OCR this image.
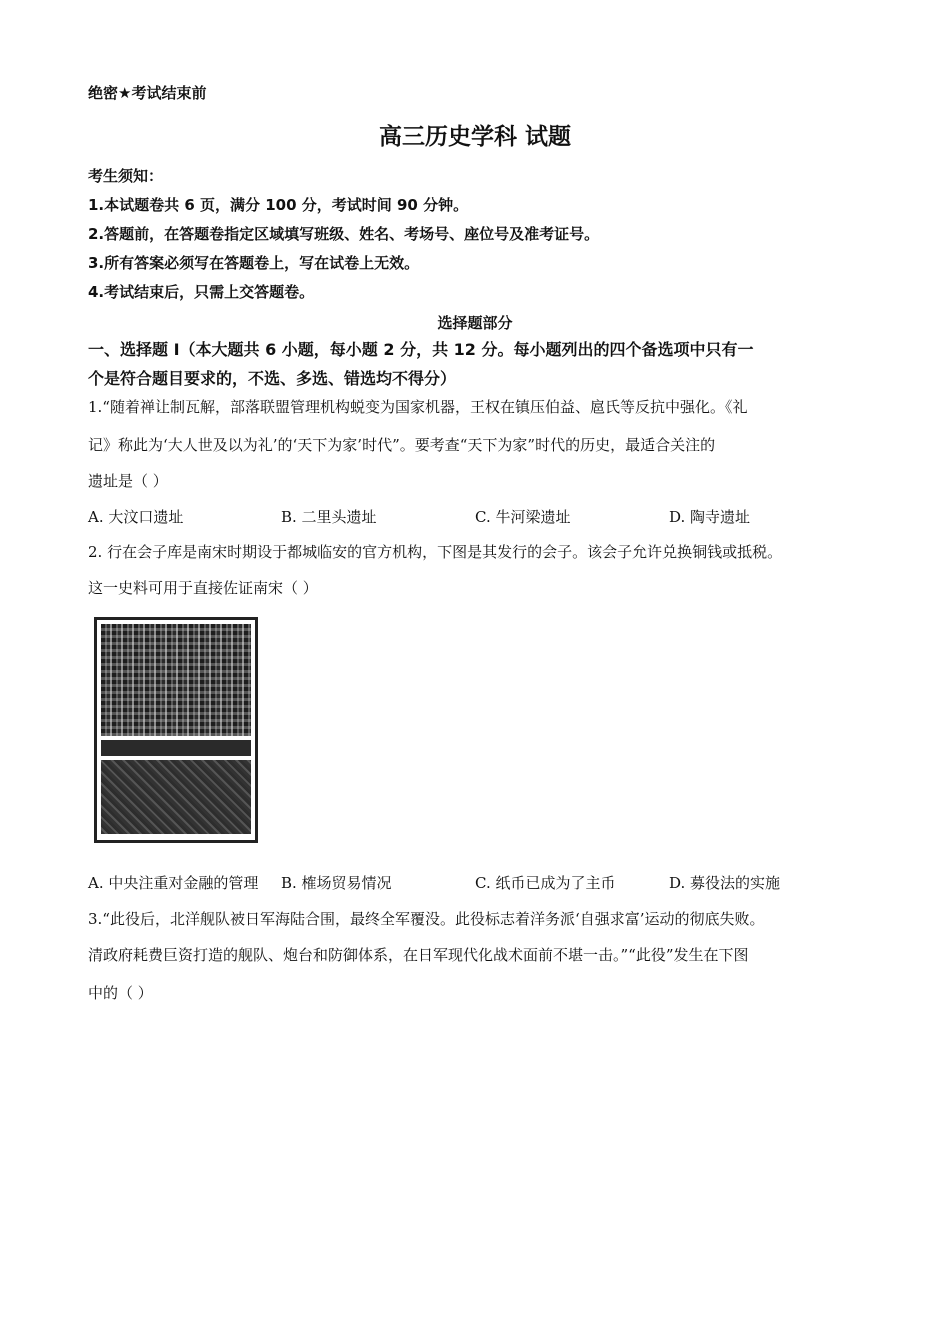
绝密★考试结束前
高三历史学科 试题
考生须知：
1.本试题卷共 6 页，满分 100 分，考试时间 90 分钟。
2.答题前，在答题卷指定区域填写班级、姓名、考场号、座位号及准考证号。
3.所有答案必须写在答题卷上，写在试卷上无效。
4.考试结束后，只需上交答题卷。
选择题部分
一、选择题 I（本大题共 6 小题，每小题 2 分，共 12 分。每小题列出的四个备选项中只有一
个是符合题目要求的，不选、多选、错选均不得分）
1.“随着禅让制瓦解，部落联盟管理机构蜕变为国家机器，王权在镇压伯益、扈氏等反抗中强化。《礼
记》称此为‘大人世及以为礼’的‘天下为家’时代”。要考查“天下为家”时代的历史，最适合关注的
遗址是（ ）
A. 大汶口遗址	B. 二里头遗址	C. 牛河梁遗址	D. 陶寺遗址
2. 行在会子库是南宋时期设于都城临安的官方机构，下图是其发行的会子。该会子允许兑换铜钱或抵税。
这一史料可用于直接佐证南宋（ ）
A. 中央注重对金融的管理 B. 榷场贸易情况	C. 纸币已成为了主币	D. 募役法的实施
3.“此役后，北洋舰队被日军海陆合围，最终全军覆没。此役标志着洋务派‘自强求富’运动的彻底失败。
清政府耗费巨资打造的舰队、炮台和防御体系，在日军现代化战术面前不堪一击。”“此役”发生在下图
中的（ ）
